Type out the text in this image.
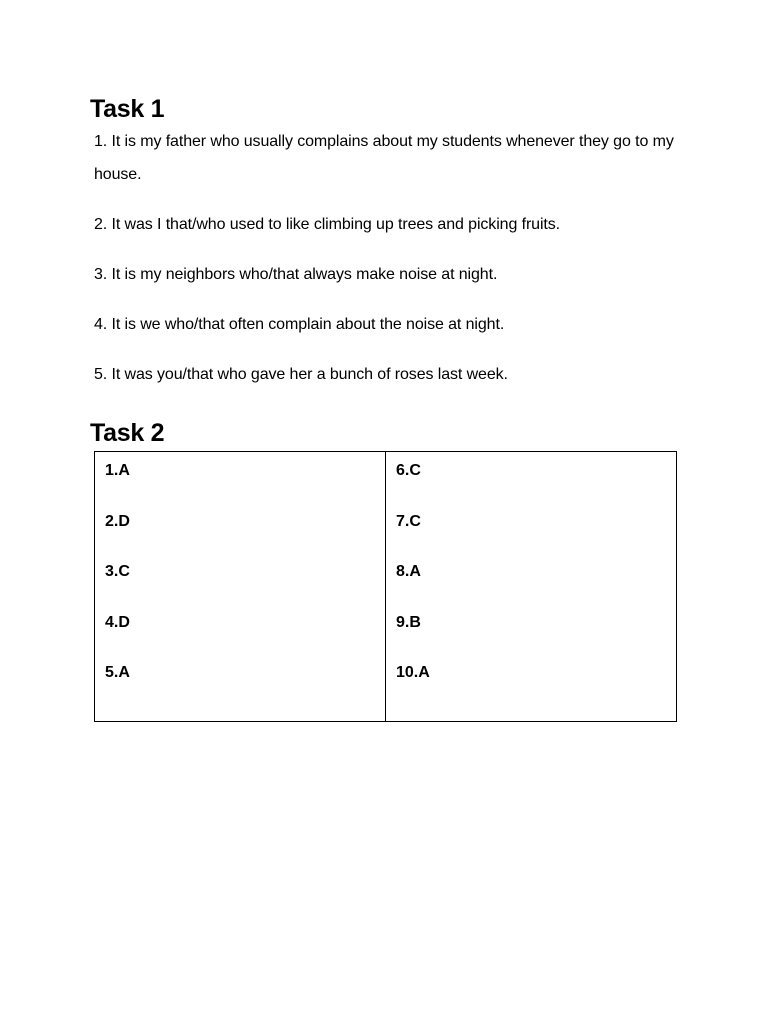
Task 1

1. It is my father who usually complains about my students whenever they go to my house.

2. It was I that/who used to like climbing up trees and picking fruits.

3. It is my neighbors who/that always make noise at night.

4. It is we who/that often complain about the noise at night.

5. It was you/that who gave her a bunch of roses last week.

Task 2
1.A
2.D
3.C
4.D
5.A

6.C
7.C
8.A
9.B
10.A
